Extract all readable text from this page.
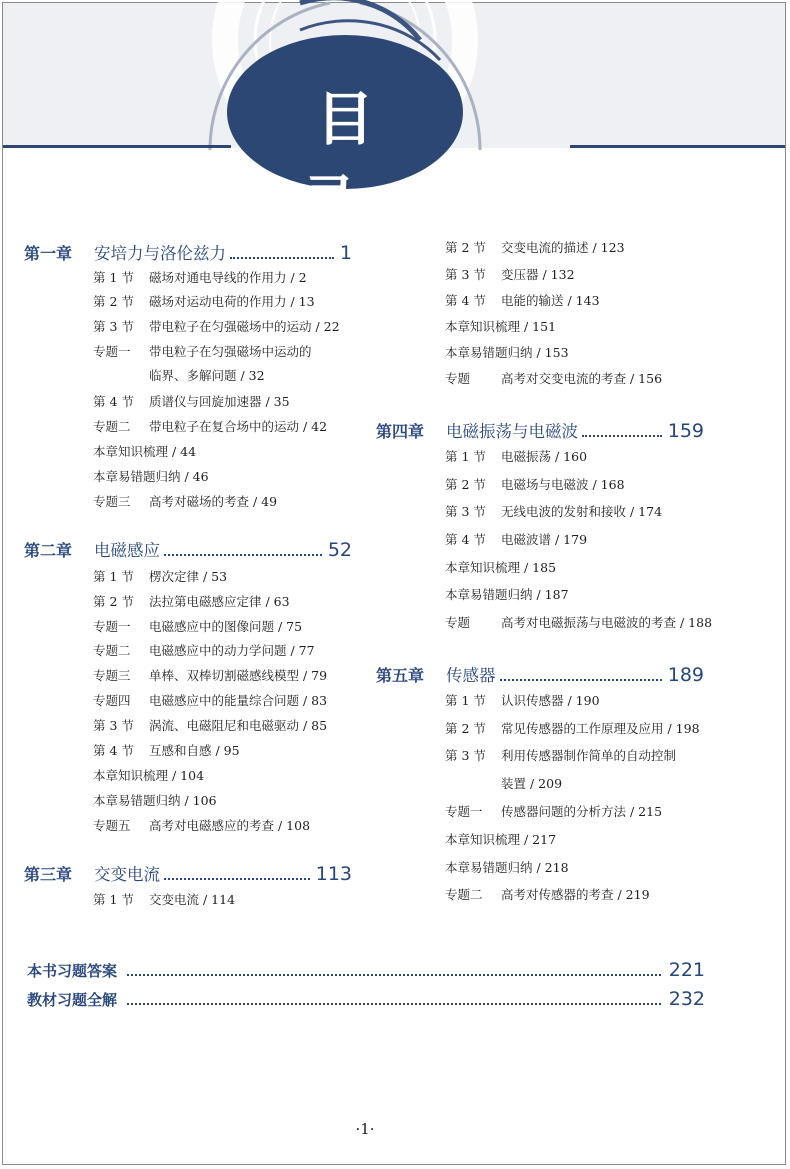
目 录
第一章	安培力与洛伦兹力	1
第 1 节 磁场对通电导线的作用力 / 2
第 2 节 磁场对运动电荷的作用力 / 13
第 3 节 带电粒子在匀强磁场中的运动 / 22
专题一 带电粒子在匀强磁场中运动的
临界、多解问题 / 32
第 4 节 质谱仪与回旋加速器 / 35
专题二 带电粒子在复合场中的运动 / 42
本章知识梳理 / 44
本章易错题归纳 / 46
专题三 高考对磁场的考查 / 49
第二章	电磁感应	52
第 1 节 楞次定律 / 53
第 2 节 法拉第电磁感应定律 / 63
专题一 电磁感应中的图像问题 / 75
专题二 电磁感应中的动力学问题 / 77
专题三 单棒、双棒切割磁感线模型 / 79
专题四 电磁感应中的能量综合问题 / 83
第 3 节 涡流、电磁阻尼和电磁驱动 / 85
第 4 节 互感和自感 / 95
本章知识梳理 / 104
本章易错题归纳 / 106
专题五 高考对电磁感应的考查 / 108
第三章	交变电流	113
第 1 节 交变电流 / 114
第 2 节 交变电流的描述 / 123
第 3 节 变压器 / 132
第 4 节 电能的输送 / 143
本章知识梳理 / 151
本章易错题归纳 / 153
专题 高考对交变电流的考查 / 156
第四章	电磁振荡与电磁波	159
第 1 节 电磁振荡 / 160
第 2 节 电磁场与电磁波 / 168
第 3 节 无线电波的发射和接收 / 174
第 4 节 电磁波谱 / 179
本章知识梳理 / 185
本章易错题归纳 / 187
专题 高考对电磁振荡与电磁波的考查 / 188
第五章	传感器	189
第 1 节 认识传感器 / 190
第 2 节 常见传感器的工作原理及应用 / 198
第 3 节 利用传感器制作简单的自动控制
装置 / 209
专题一 传感器问题的分析方法 / 215
本章知识梳理 / 217
本章易错题归纳 / 218
专题二 高考对传感器的考查 / 219
本书习题答案	221
教材习题全解	232
·1·
